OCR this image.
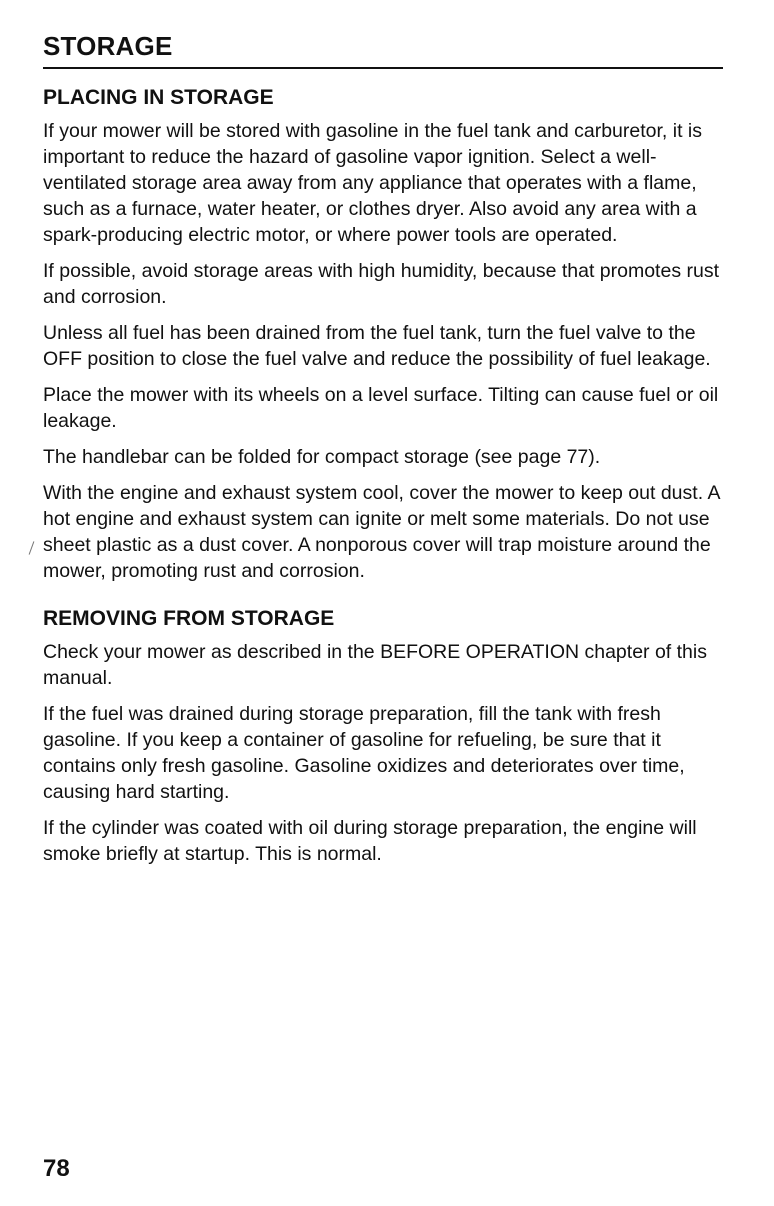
STORAGE
PLACING IN STORAGE

If your mower will be stored with gasoline in the fuel tank and carburetor, it is important to reduce the hazard of gasoline vapor ignition. Select a well-ventilated storage area away from any appliance that operates with a flame, such as a furnace, water heater, or clothes dryer. Also avoid any area with a spark-producing electric motor, or where power tools are operated.

If possible, avoid storage areas with high humidity, because that promotes rust and corrosion.

Unless all fuel has been drained from the fuel tank, turn the fuel valve to the OFF position to close the fuel valve and reduce the possibility of fuel leakage.

Place the mower with its wheels on a level surface. Tilting can cause fuel or oil leakage.

The handlebar can be folded for compact storage (see page 77).

With the engine and exhaust system cool, cover the mower to keep out dust. A hot engine and exhaust system can ignite or melt some materials. Do not use sheet plastic as a dust cover. A nonporous cover will trap moisture around the mower, promoting rust and corrosion.

REMOVING FROM STORAGE

Check your mower as described in the BEFORE OPERATION chapter of this manual.

If the fuel was drained during storage preparation, fill the tank with fresh gasoline. If you keep a container of gasoline for refueling, be sure that it contains only fresh gasoline. Gasoline oxidizes and deteriorates over time, causing hard starting.

If the cylinder was coated with oil during storage preparation, the engine will smoke briefly at startup. This is normal.

78
